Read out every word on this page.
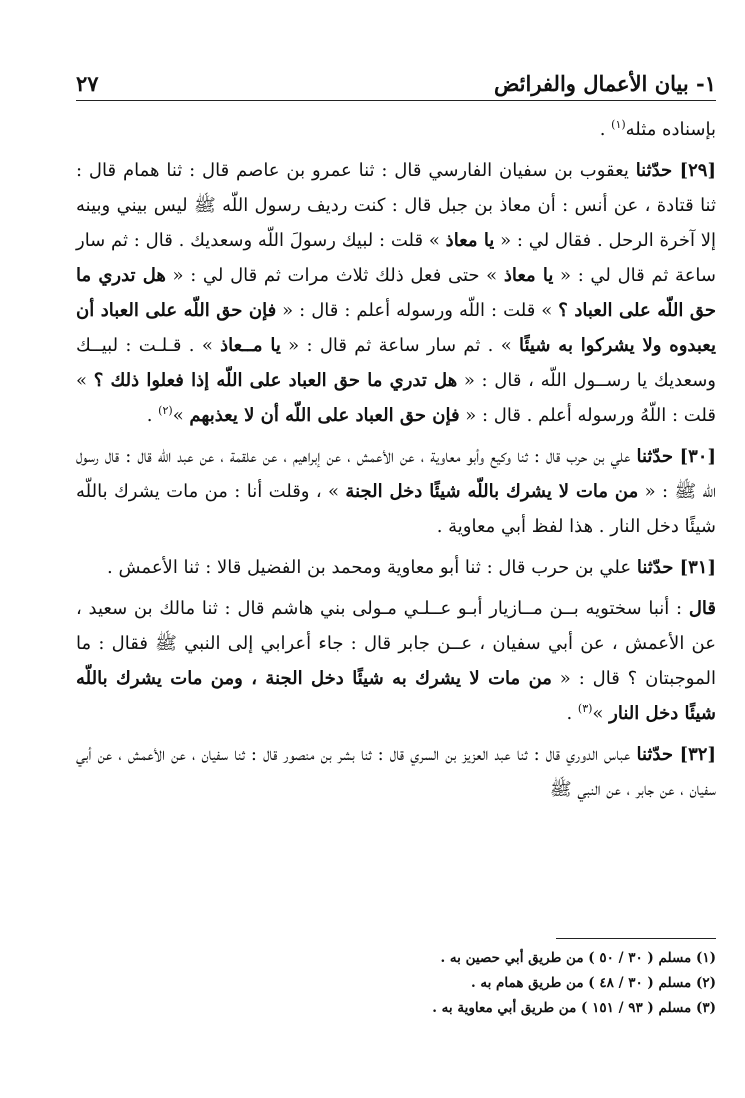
١- بيان الأعمال والفرائض
٢٧

بإسناده مثله$^{(١)}$ .

[٢٩] حدّثنا يعقوب بن سفيان الفارسي قال : ثنا عمرو بن عاصم قال : ثنا همام قال : ثنا قتادة ، عن أنس : أن معاذ بن جبل قال : كنت رديف رسول اللّه ﷺ ليس بيني وبينه إلا آخرة الرحل . فقال لي : « يا معاذ » قلت : لبيك رسولَ اللّه وسعديك . قال : ثم سار ساعة ثم قال لي : « يا معاذ » حتى فعل ذلك ثلاث مرات ثم قال لي : « هل تدري ما حق اللّه على العباد ؟ » قلت : اللّه ورسوله أعلم : قال : « فإن حق اللّه على العباد أن يعبدوه ولا يشركوا به شيئًا » . ثم سار ساعة ثم قال : « يا مــعاذ » . قـلـت : لبيــك وسعديك يا رســول اللّه ، قال : « هل تدري ما حق العباد على اللّه إذا فعلوا ذلك ؟ » قلت : اللّهُ ورسوله أعلم . قال : « فإن حق العباد على اللّه أن لا يعذبهم »$^{(٢)}$ .

[٣٠] حدّثنا علي بن حرب قال : ثنا وكيع وأبو معاوية ، عن الأعمش ، عن إبراهيم ، عن علقمة ، عن عبد اللّه قال : قال رسول اللّه ﷺ : « من مات لا يشرك باللّه شيئًا دخل الجنة » ، وقلت أنا : من مات يشرك باللّه شيئًا دخل النار . هذا لفظ أبي معاوية .

[٣١] حدّثنا علي بن حرب قال : ثنا أبو معاوية ومحمد بن الفضيل قالا : ثنا الأعمش .

قال : أنبا سختويه بــن مــازيار أبـو عــلـي مـولى بني هاشم قال : ثنا مالك بن سعيد ، عن الأعمش ، عن أبي سفيان ، عــن جابر قال : جاء أعرابي إلى النبي ﷺ فقال : ما الموجبتان ؟ قال : « من مات لا يشرك به شيئًا دخل الجنة ، ومن مات يشرك باللّه شيئًا دخل النار »$^{(٣)}$ .

[٣٢] حدّثنا عباس الدوري قال : ثنا عبد العزيز بن السري قال : ثنا بشر بن منصور قال : ثنا سفيان ، عن الأعمش ، عن أبي سفيان ، عن جابر ، عن النبي ﷺ

(١) مسلم ( ٣٠ / ٥٠ ) من طريق أبي حصين به .
(٢) مسلم ( ٣٠ / ٤٨ ) من طريق همام به .
(٣) مسلم ( ٩٣ / ١٥١ ) من طريق أبي معاوية به .
